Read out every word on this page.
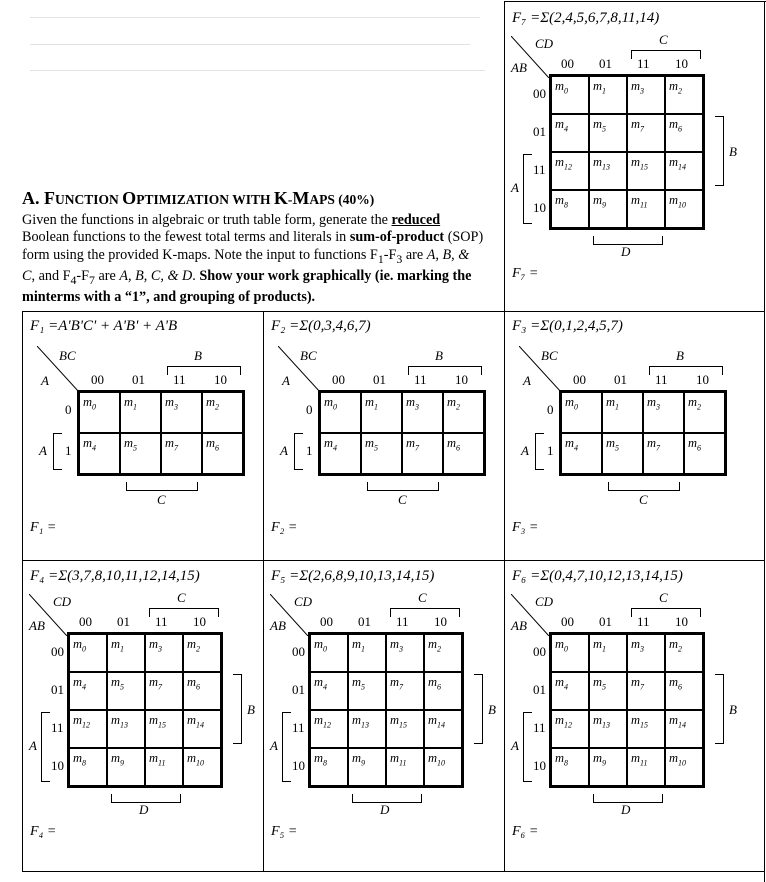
A. FUNCTION OPTIMIZATION WITH K-MAPS (40%)
Given the functions in algebraic or truth table form, generate the reduced Boolean functions to the fewest total terms and literals in sum-of-product (SOP) form using the provided K-maps. Note the input to functions $F_1-F_3$ are A, B, & C, and $F_4-F_7$ are A, B, C, & D. Show your work graphically (ie. marking the minterms with a “1”, and grouping of products).
F₇ =Σ(2,4,5,6,7,8,11,14)
CD
AB	00 01 11 10
00
01
11
10
$m_0$ $m_1$ $m_3$ $m_2$
$m_4$ $m_5$ $m_7$ $m_6$
$m_{12}$ $m_{13}$ $m_{15}$ $m_{14}$
$m_8$ $m_9$ $m_{11}$ $m_{10}$
C
B
A
D
F₇ =
F₁ =A'B'C' + A'B' + A'B
BC
A	00 01 11 10
0
1
$m_0$ $m_1$ $m_3$ $m_2$
$m_4$ $m_5$ $m_7$ $m_6$
B
C
A
F₁ =
F₂ =Σ(0,3,4,6,7)
BC
A	00 01 11 10
0
1
$m_0$ $m_1$ $m_3$ $m_2$
$m_4$ $m_5$ $m_7$ $m_6$
B
C
A
F₂ =
F₃ =Σ(0,1,2,4,5,7)
BC
A	00 01 11 10
0
1
$m_0$ $m_1$ $m_3$ $m_2$
$m_4$ $m_5$ $m_7$ $m_6$
B
C
A
F₃ =
F₄ =Σ(3,7,8,10,11,12,14,15)
CD
AB	00 01 11 10
00
01
11
10
$m_0$ $m_1$ $m_3$ $m_2$
$m_4$ $m_5$ $m_7$ $m_6$
$m_{12}$ $m_{13}$ $m_{15}$ $m_{14}$
$m_8$ $m_9$ $m_{11}$ $m_{10}$
C
B
A
D
F₄ =
F₅ =Σ(2,6,8,9,10,13,14,15)
CD
AB	00 01 11 10
00
01
11
10
$m_0$ $m_1$ $m_3$ $m_2$
$m_4$ $m_5$ $m_7$ $m_6$
$m_{12}$ $m_{13}$ $m_{15}$ $m_{14}$
$m_8$ $m_9$ $m_{11}$ $m_{10}$
C
B
A
D
F₅ =
F₆ =Σ(0,4,7,10,12,13,14,15)
CD
AB	00 01 11 10
00
01
11
10
$m_0$ $m_1$ $m_3$ $m_2$
$m_4$ $m_5$ $m_7$ $m_6$
$m_{12}$ $m_{13}$ $m_{15}$ $m_{14}$
$m_8$ $m_9$ $m_{11}$ $m_{10}$
C
B
A
D
F₆ =
